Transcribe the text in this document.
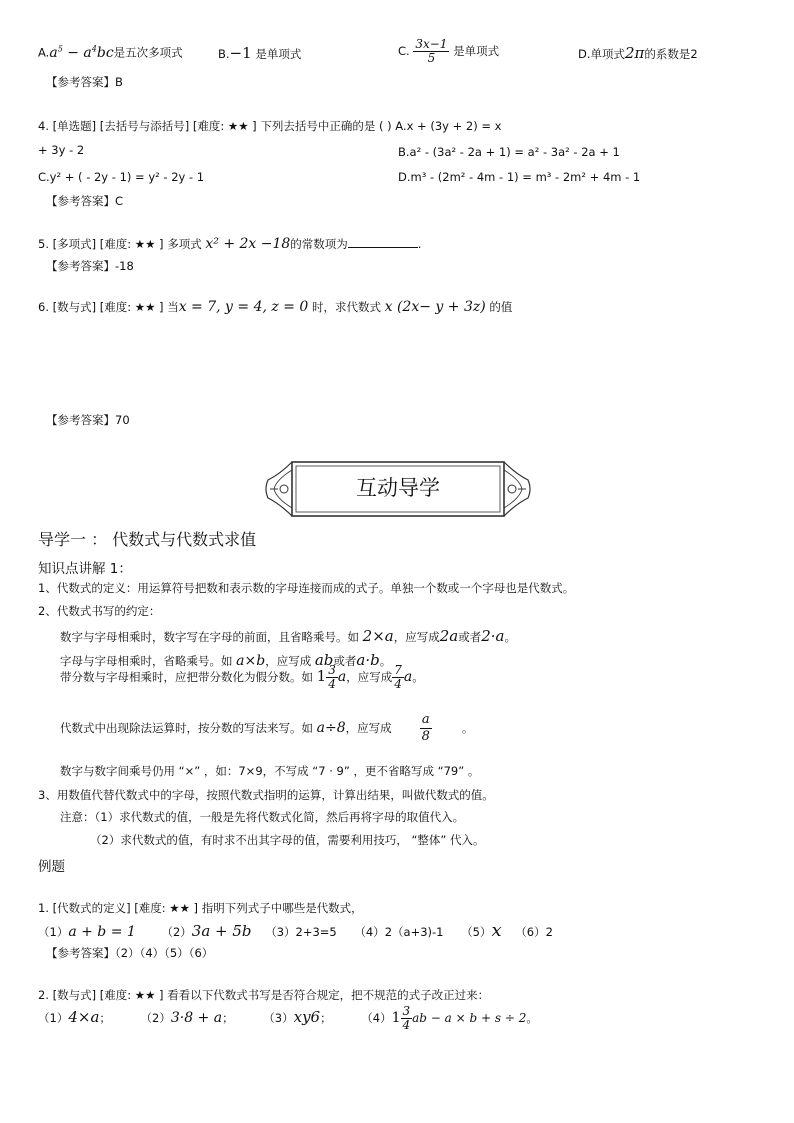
$A.a^5 - a^4bc$是五次多项式	B.−1 是单项式	C. $\frac{3x-1}{5}$ 是单项式	D.单项式2π的系数是2
【参考答案】B
4. [单选题] [去括号与添括号] [难度: ★★ ] 下列去括号中正确的是 ( ) A.x + (3y + 2) = x
+ 3y - 2	B.a² - (3a² - 2a + 1) = a² - 3a² - 2a + 1
C.y² + ( - 2y - 1) = y² - 2y - 1	D.m³ - (2m² - 4m - 1) = m³ - 2m² + 4m - 1
【参考答案】C
5. [多项式] [难度: ★★ ] 多项式 x² + 2x −18的常数项为	.
【参考答案】-18
6. [数与式] [难度: ★★ ] 当x = 7, y = 4, z = 0 时，求代数式 x (2x− y + 3z) 的值
【参考答案】70
互动导学
导学一 ： 代数式与代数式求值
知识点讲解 1：
1、代数式的定义：用运算符号把数和表示数的字母连接而成的式子。单独一个数或一个字母也是代数式。
2、代数式书写的约定：
数字与字母相乘时，数字写在字母的前面，且省略乘号。如 2×a，应写成2a或者2·a。
字母与字母相乘时，省略乘号。如 a×b，应写成 ab或者a·b。
带分数与字母相乘时，应把带分数化为假分数。如 $1 \frac{3}{4}$ a，应写成 $\frac{7}{4}$ a。
代数式中出现除法运算时，按分数的写法来写。如 a÷8，应写成 $\frac{a}{8}$	。
数字与数字间乘号仍用 “×” ，如：7×9，不写成 “7 · 9” ，更不省略写成 “79” 。
3、用数值代替代数式中的字母，按照代数式指明的运算，计算出结果，叫做代数式的值。
注意：（1）求代数式的值，一般是先将代数式化简，然后再将字母的取值代入。
（2）求代数式的值，有时求不出其字母的值，需要利用技巧， “整体” 代入。
例题
1. [代数式的定义] [难度: ★★ ] 指明下列式子中哪些是代数式，
（1）a + b = 1 （2）3a + 5b （3）2+3=5 （4）2（a+3)-1 （5）x （6）2
【参考答案】（2）（4）（5）（6）
2. [数与式] [难度: ★★ ] 看看以下代数式书写是否符合规定，把不规范的式子改正过来：
（1）4×a；	（2）3·8 + a；	（3）xy6；	$(4)1 \frac{3}{4}$ ab − a × b + s ÷ 2。
